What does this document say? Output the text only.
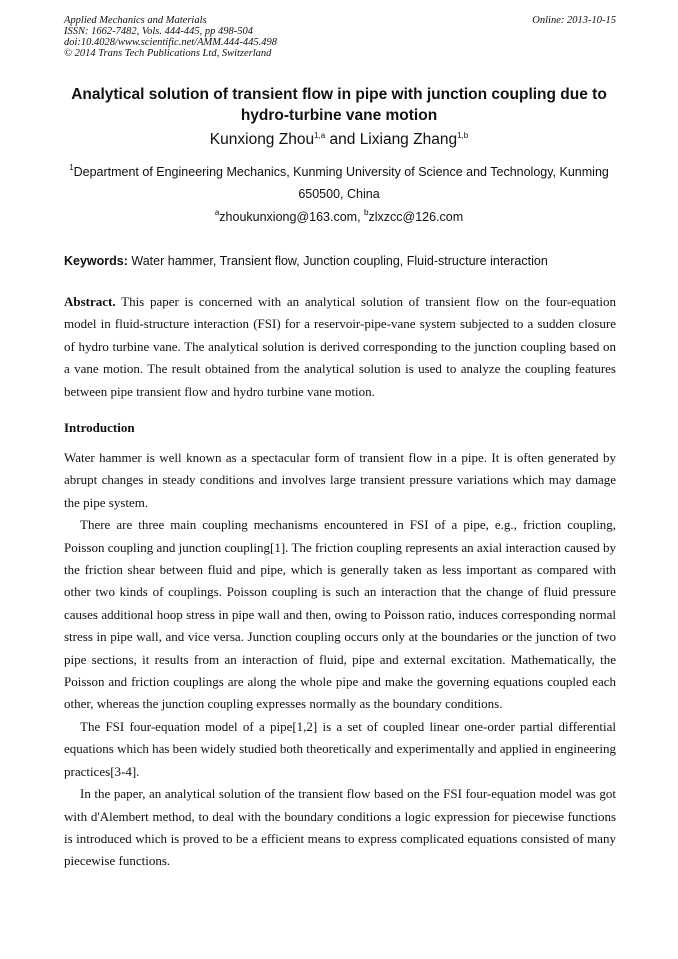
Applied Mechanics and Materials
ISSN: 1662-7482, Vols. 444-445, pp 498-504
doi:10.4028/www.scientific.net/AMM.444-445.498
© 2014 Trans Tech Publications Ltd, Switzerland
Online: 2013-10-15
Analytical solution of transient flow in pipe with junction coupling due to hydro-turbine vane motion
Kunxiong Zhou$^{1,a}$ and Lixiang Zhang$^{1,b}$
$^1$Department of Engineering Mechanics, Kunming University of Science and Technology, Kunming 650500, China
$^a$zhoukunxiong@163.com, $^b$zlxzcc@126.com
Keywords: Water hammer, Transient flow, Junction coupling, Fluid-structure interaction

Abstract. This paper is concerned with an analytical solution of transient flow on the four-equation model in fluid-structure interaction (FSI) for a reservoir-pipe-vane system subjected to a sudden closure of hydro turbine vane. The analytical solution is derived corresponding to the junction coupling based on a vane motion. The result obtained from the analytical solution is used to analyze the coupling features between pipe transient flow and hydro turbine vane motion.

Introduction

Water hammer is well known as a spectacular form of transient flow in a pipe. It is often generated by abrupt changes in steady conditions and involves large transient pressure variations which may damage the pipe system.

There are three main coupling mechanisms encountered in FSI of a pipe, e.g., friction coupling, Poisson coupling and junction coupling[1]. The friction coupling represents an axial interaction caused by the friction shear between fluid and pipe, which is generally taken as less important as compared with other two kinds of couplings. Poisson coupling is such an interaction that the change of fluid pressure causes additional hoop stress in pipe wall and then, owing to Poisson ratio, induces corresponding normal stress in pipe wall, and vice versa. Junction coupling occurs only at the boundaries or the junction of two pipe sections, it results from an interaction of fluid, pipe and external excitation. Mathematically, the Poisson and friction couplings are along the whole pipe and make the governing equations coupled each other, whereas the junction coupling expresses normally as the boundary conditions.

The FSI four-equation model of a pipe[1,2] is a set of coupled linear one-order partial differential equations which has been widely studied both theoretically and experimentally and applied in engineering practices[3-4].

In the paper, an analytical solution of the transient flow based on the FSI four-equation model was got with d'Alembert method, to deal with the boundary conditions a logic expression for piecewise functions is introduced which is proved to be a efficient means to express complicated equations consisted of many piecewise functions.
